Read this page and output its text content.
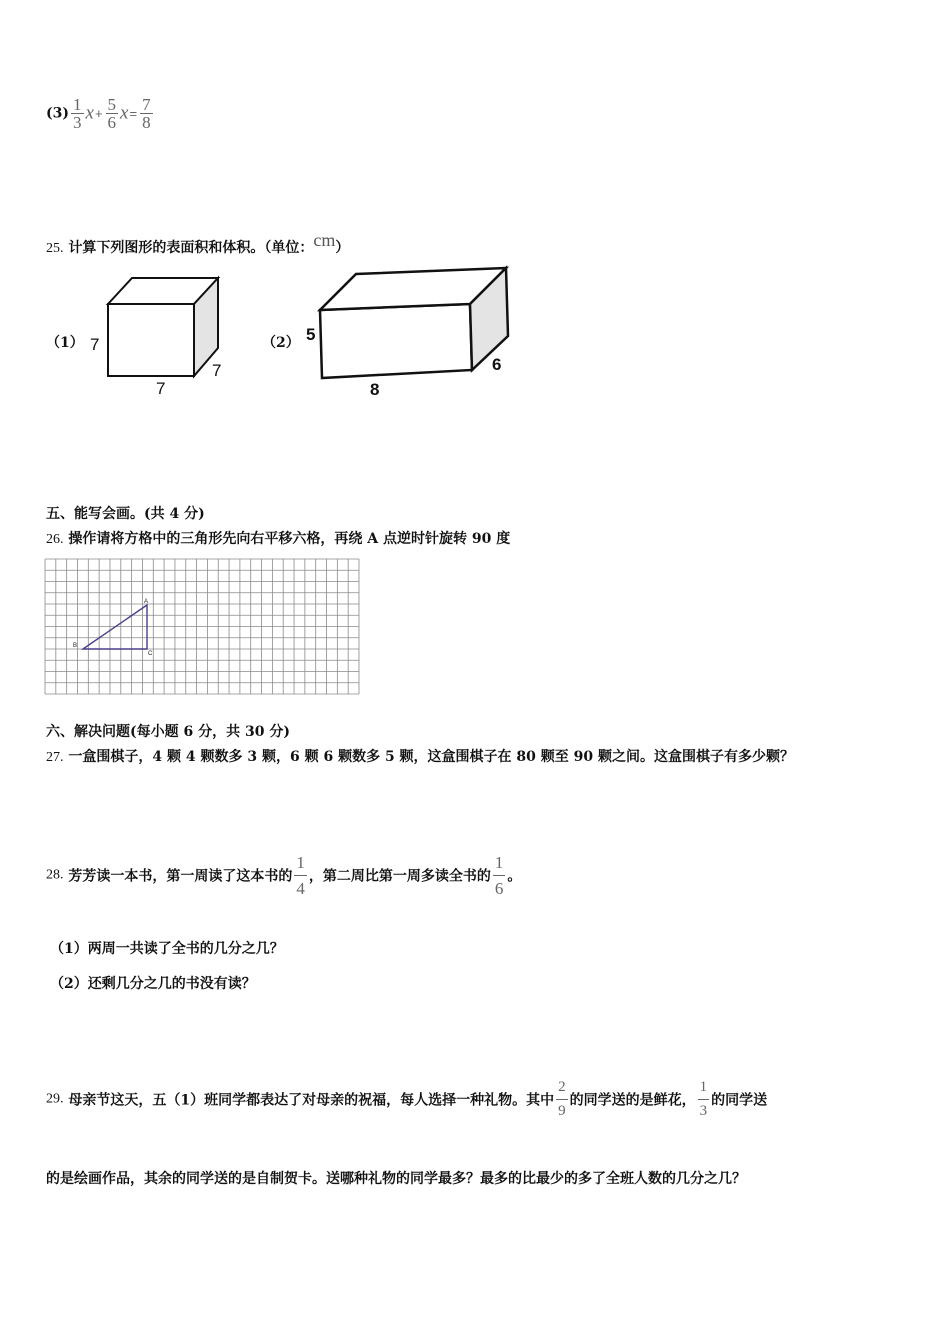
$(3) \frac{1}{3} x+ \frac{5}{6} x= \frac{7}{8}$
25. 计算下列图形的表面积和体积。（单位：cm）
（1） 7
7
7
（2） 5
8
6
五、能写会画。(共 4 分)
26. 操作请将方格中的三角形先向右平移六格，再绕 A 点逆时针旋转 90 度
A
B
C
六、解决问题(每小题 6 分，共 30 分)
27. 一盒围棋子，4 颗 4 颗数多 3 颗，6 颗 6 颗数多 5 颗，这盒围棋子在 80 颗至 90 颗之间。这盒围棋子有多少颗？
28. 芳芳读一本书，第一周读了这本书的 $\frac{1}{4}$ ，第二周比第一周多读全书的 $\frac{1}{6}$ 。
（1）两周一共读了全书的几分之几？
（2）还剩几分之几的书没有读？
29. 母亲节这天，五（1）班同学都表达了对母亲的祝福，每人选择一种礼物。其中 $\frac{2}{9}$ 的同学送的是鲜花， $\frac{1}{3}$ 的同学送
的是绘画作品，其余的同学送的是自制贺卡。送哪种礼物的同学最多？最多的比最少的多了全班人数的几分之几？
